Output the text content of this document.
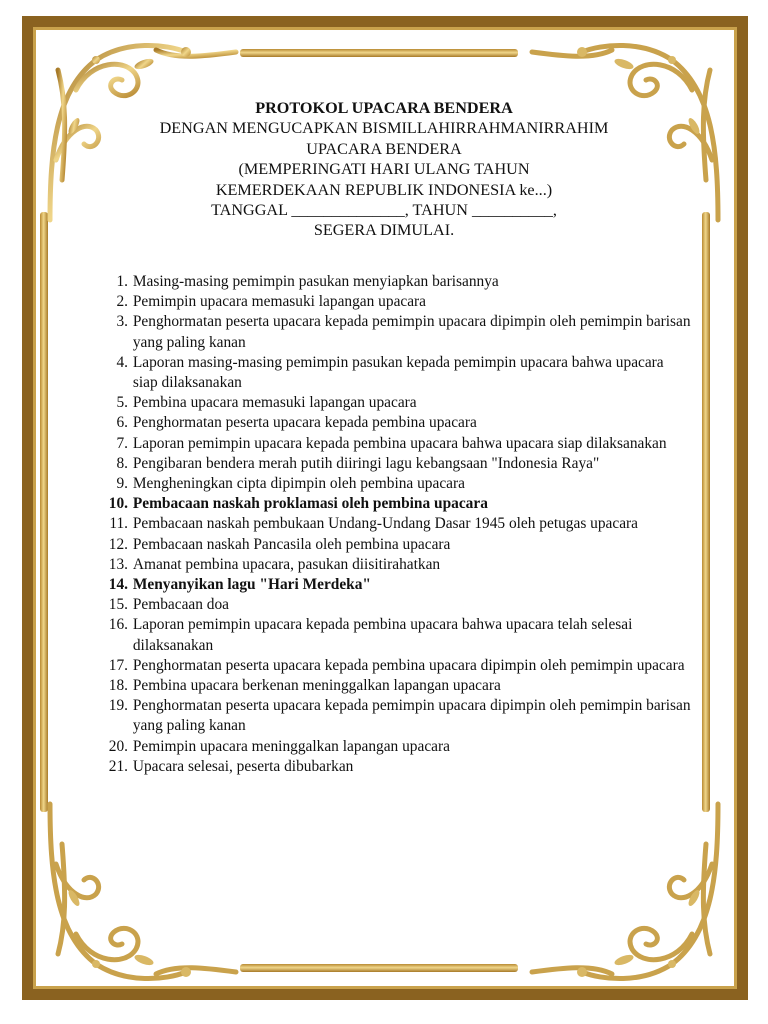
PROTOKOL UPACARA BENDERA
DENGAN MENGUCAPKAN BISMILLAHIRRAHMANIRRAHIM
UPACARA BENDERA
(MEMPERINGATI HARI ULANG TAHUN
KEMERDEKAAN REPUBLIK INDONESIA ke...)
TANGGAL ______________, TAHUN __________,
SEGERA DIMULAI.
1.
Masing-masing pemimpin pasukan menyiapkan barisannya
2.
Pemimpin upacara memasuki lapangan upacara
3.
Penghormatan peserta upacara kepada pemimpin upacara dipimpin oleh pemimpin barisan yang paling kanan
4.
Laporan masing-masing pemimpin pasukan kepada pemimpin upacara bahwa upacara siap dilaksanakan
5.
Pembina upacara memasuki lapangan upacara
6.
Penghormatan peserta upacara kepada pembina upacara
7.
Laporan pemimpin upacara kepada pembina upacara bahwa upacara siap dilaksanakan
8.
Pengibaran bendera merah putih diiringi lagu kebangsaan "Indonesia Raya"
9.
Mengheningkan cipta dipimpin oleh pembina upacara
10.
Pembacaan naskah proklamasi oleh pembina upacara
11.
Pembacaan naskah pembukaan Undang-Undang Dasar 1945 oleh petugas upacara
12.
Pembacaan naskah Pancasila oleh pembina upacara
13.
Amanat pembina upacara, pasukan diisitirahatkan
14.
Menyanyikan lagu "Hari Merdeka"
15.
Pembacaan doa
16.
Laporan pemimpin upacara kepada pembina upacara bahwa upacara telah selesai dilaksanakan
17.
Penghormatan peserta upacara kepada pembina upacara dipimpin oleh pemimpin upacara
18.
Pembina upacara berkenan meninggalkan lapangan upacara
19.
Penghormatan peserta upacara kepada pemimpin upacara dipimpin oleh pemimpin barisan yang paling kanan
20.
Pemimpin upacara meninggalkan lapangan upacara
21.
Upacara selesai, peserta dibubarkan
